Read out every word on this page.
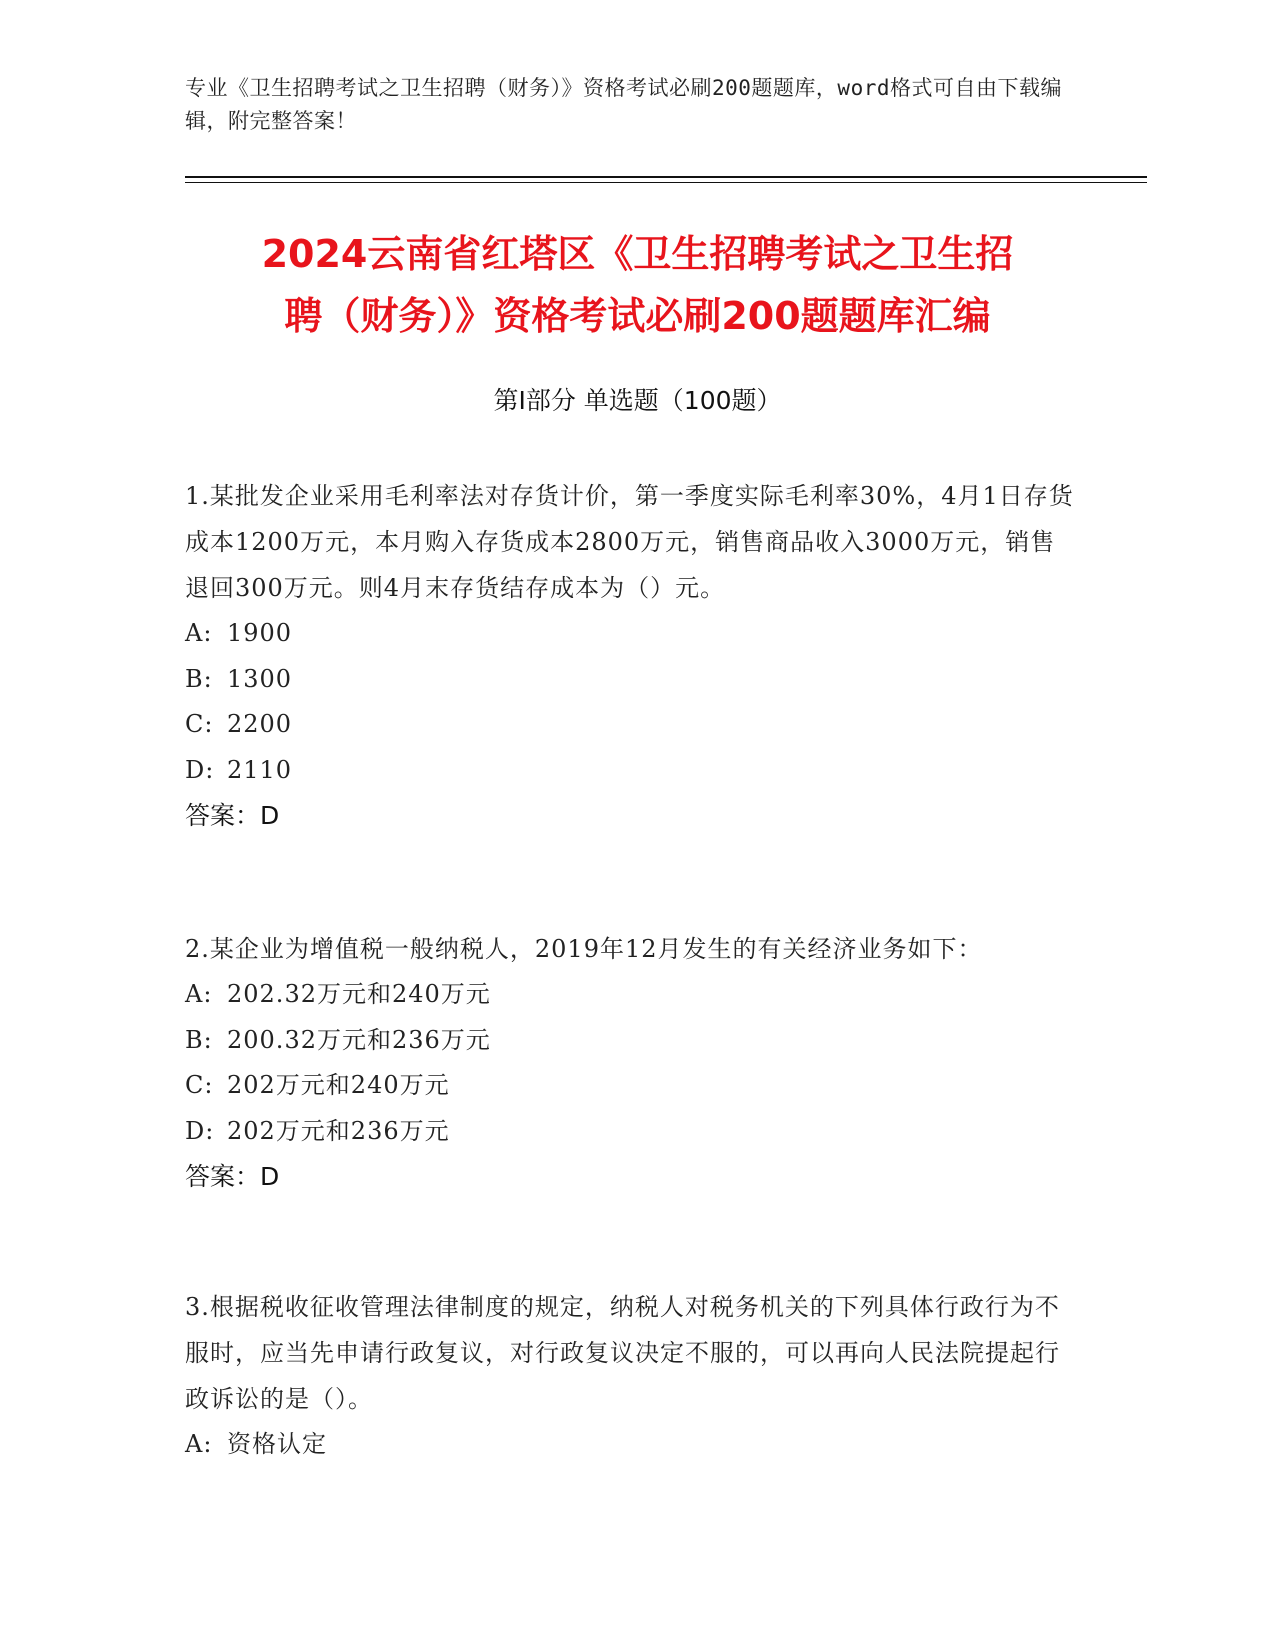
专业《卫生招聘考试之卫生招聘（财务）》资格考试必刷200题题库，word格式可自由下载编辑，附完整答案！
2024云南省红塔区《卫生招聘考试之卫生招
聘（财务）》资格考试必刷200题题库汇编
第Ⅰ部分 单选题（100题）
1.某批发企业采用毛利率法对存货计价，第一季度实际毛利率30%，4月1日存货成本1200万元，本月购入存货成本2800万元，销售商品收入3000万元，销售退回300万元。则4月末存货结存成本为（）元。
A: 1900
B: 1300
C: 2200
D: 2110
答案：D
2.某企业为增值税一般纳税人，2019年12月发生的有关经济业务如下：
A: 202.32万元和240万元
B: 200.32万元和236万元
C: 202万元和240万元
D: 202万元和236万元
答案：D
3.根据税收征收管理法律制度的规定，纳税人对税务机关的下列具体行政行为不服时，应当先申请行政复议，对行政复议决定不服的，可以再向人民法院提起行政诉讼的是（）。
A: 资格认定
